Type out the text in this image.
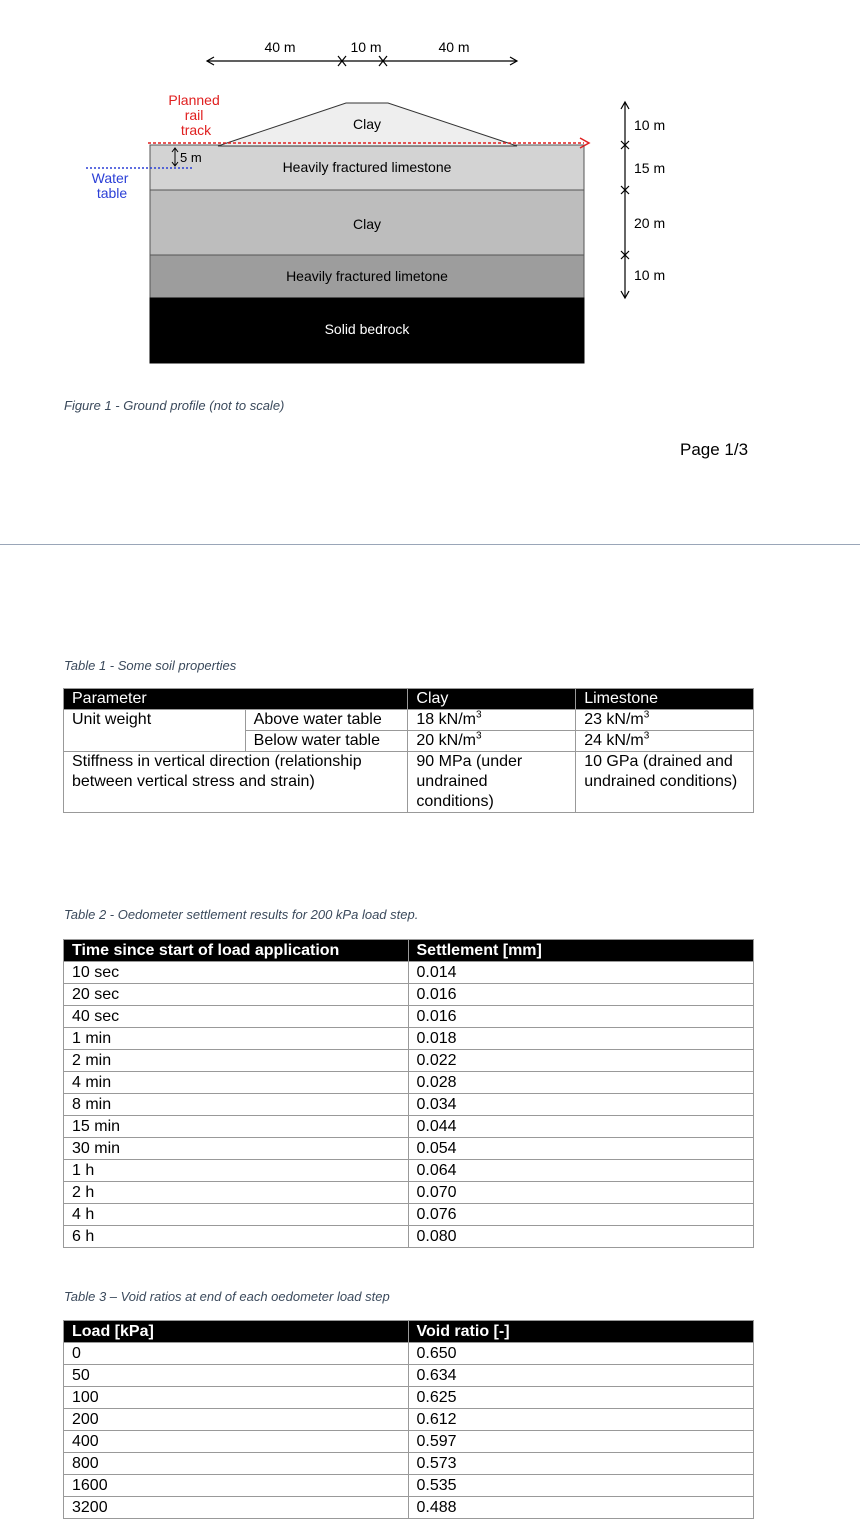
40 m	10 m	40 m
5 m
Planned rail track
Water table
Clay
Heavily fractured limestone
Clay
Heavily fractured limetone
Solid bedrock
10 m
15 m
20 m
10 m
Figure 1 - Ground profile (not to scale)
Page 1/3
Table 1 - Some soil properties
Parameter		Clay	Limestone
Unit weight	Above water table	18 $kN/m^3$	23 $kN/m^3$
	Below water table	20 $kN/m^3$	24 $kN/m^3$
Stiffness in vertical direction (relationship between vertical stress and strain)		90 MPa (under undrained conditions)	10 GPa (drained and undrained conditions)
Table 2 - Oedometer settlement results for 200 kPa load step.
Time since start of load application	Settlement [mm]
10 sec	0.014
20 sec	0.016
40 sec	0.016
1 min	0.018
2 min	0.022
4 min	0.028
8 min	0.034
15 min	0.044
30 min	0.054
1 h	0.064
2 h	0.070
4 h	0.076
6 h	0.080
Table 3 – Void ratios at end of each oedometer load step
Load [kPa]	Void ratio [-]
0	0.650
50	0.634
100	0.625
200	0.612
400	0.597
800	0.573
1600	0.535
3200	0.488
